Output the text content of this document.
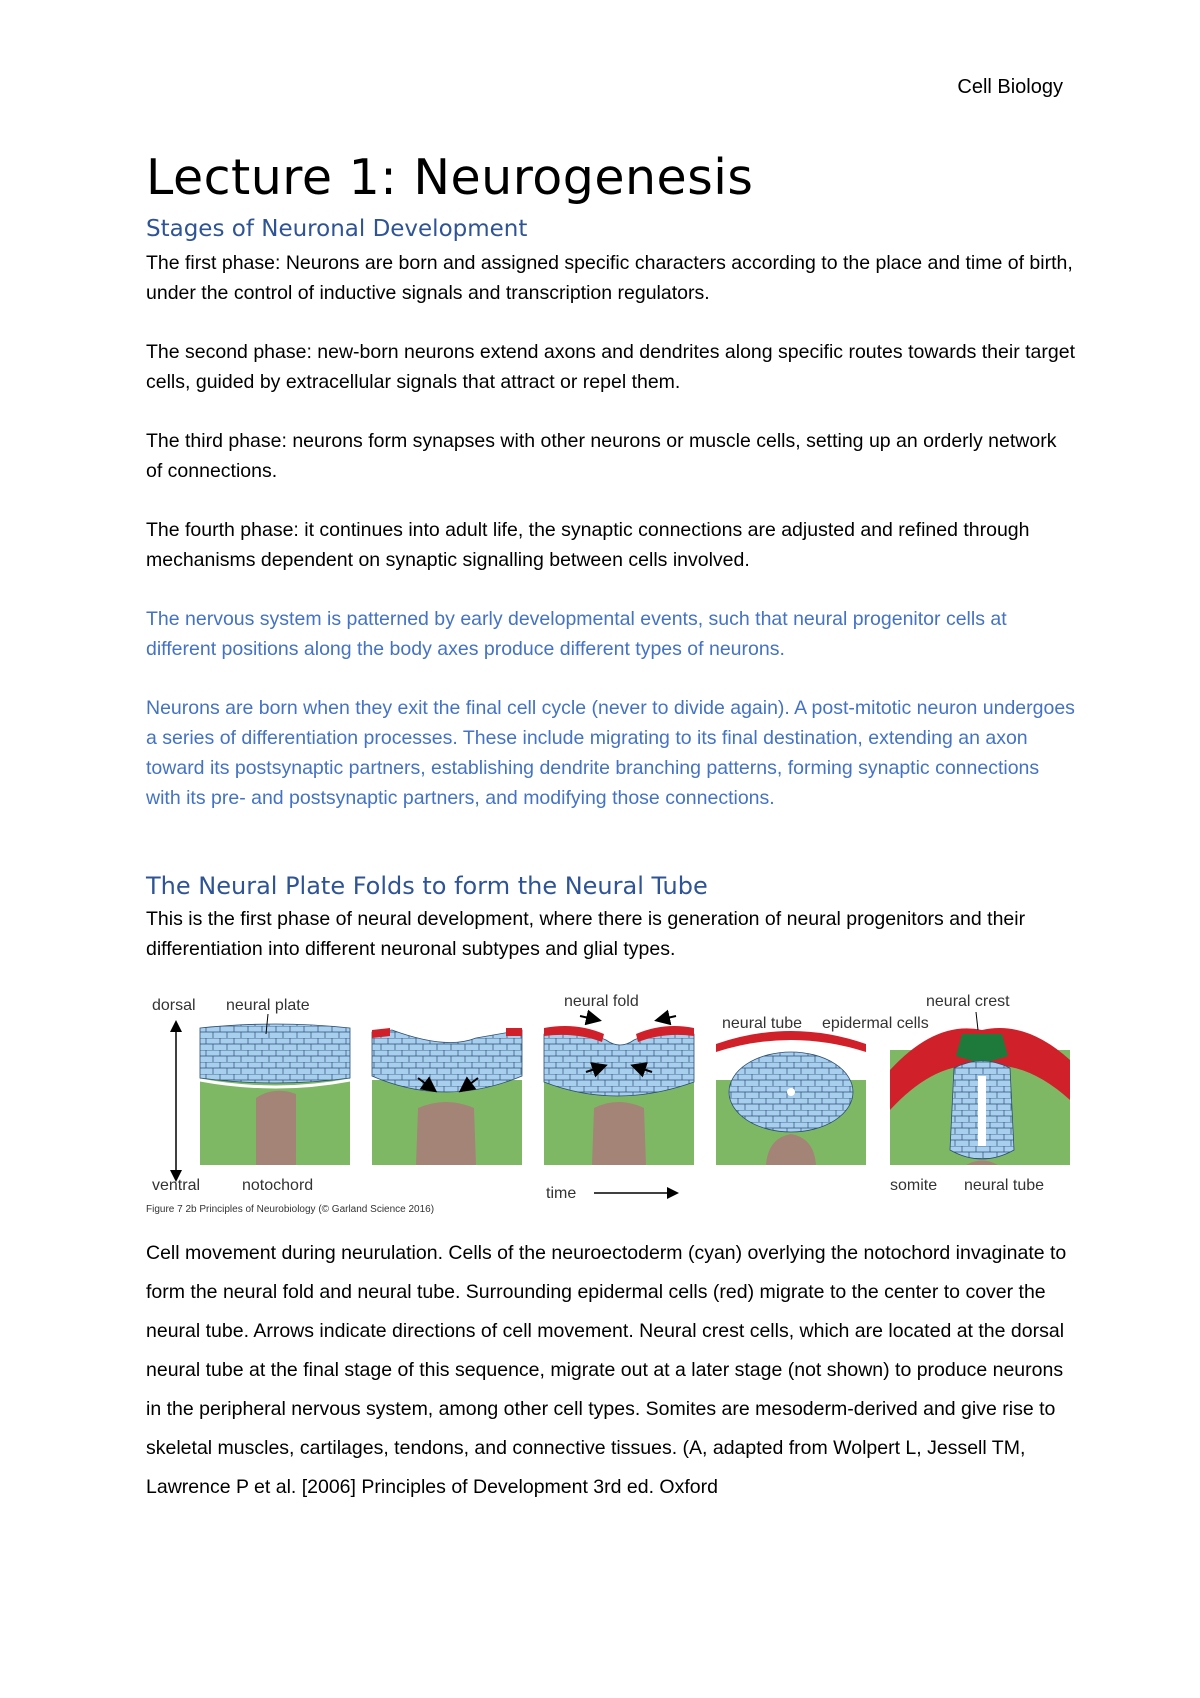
Cell Biology
Lecture 1: Neurogenesis
Stages of Neuronal Development

The first phase: Neurons are born and assigned specific characters according to the place and time of birth, under the control of inductive signals and transcription regulators.

The second phase: new-born neurons extend axons and dendrites along specific routes towards their target cells, guided by extracellular signals that attract or repel them.

The third phase: neurons form synapses with other neurons or muscle cells, setting up an orderly network of connections.

The fourth phase: it continues into adult life, the synaptic connections are adjusted and refined through mechanisms dependent on synaptic signalling between cells involved.

The nervous system is patterned by early developmental events, such that neural progenitor cells at different positions along the body axes produce different types of neurons.

Neurons are born when they exit the final cell cycle (never to divide again). A post-mitotic neuron undergoes a series of differentiation processes. These include migrating to its final destination, extending an axon toward its postsynaptic partners, establishing dendrite branching patterns, forming synaptic connections with its pre- and postsynaptic partners, and modifying those connections.

The Neural Plate Folds to form the Neural Tube

This is the first phase of neural development, where there is generation of neural progenitors and their differentiation into different neuronal subtypes and glial types.

dorsal
ventral
neural plate
notochord
neural fold
neural tube epidermal cells
neural crest
somite neural tube
time
Figure 7 2b Principles of Neurobiology (© Garland Science 2016)

Cell movement during neurulation. Cells of the neuroectoderm (cyan) overlying the notochord invaginate to form the neural fold and neural tube. Surrounding epidermal cells (red) migrate to the center to cover the neural tube. Arrows indicate directions of cell movement. Neural crest cells, which are located at the dorsal neural tube at the final stage of this sequence, migrate out at a later stage (not shown) to produce neurons in the peripheral nervous system, among other cell types. Somites are mesoderm-derived and give rise to skeletal muscles, cartilages, tendons, and connective tissues. (A, adapted from Wolpert L, Jessell TM, Lawrence P et al. [2006] Principles of Development 3rd ed. Oxford
